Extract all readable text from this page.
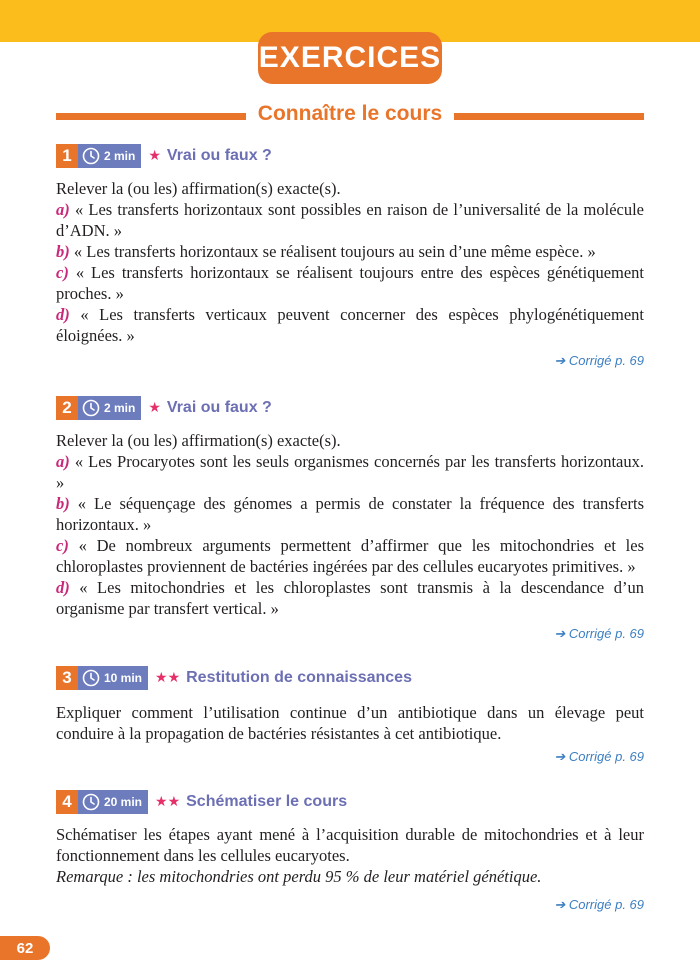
EXERCICES
Connaître le cours
1	2 min ★ Vrai ou faux ?

Relever la (ou les) affirmation(s) exacte(s).

a) « Les transferts horizontaux sont possibles en raison de l’universalité de la molécule d’ADN. »

b) « Les transferts horizontaux se réalisent toujours au sein d’une même espèce. »

c) « Les transferts horizontaux se réalisent toujours entre des espèces génétiquement proches. »

d) « Les transferts verticaux peuvent concerner des espèces phylogénétiquement éloignées. »

➔ Corrigé p. 69
2	2 min ★ Vrai ou faux ?

Relever la (ou les) affirmation(s) exacte(s).

a) « Les Procaryotes sont les seuls organismes concernés par les transferts horizontaux. »

b) « Le séquençage des génomes a permis de constater la fréquence des transferts horizontaux. »

c) « De nombreux arguments permettent d’affirmer que les mitochondries et les chloroplastes proviennent de bactéries ingérées par des cellules eucaryotes primitives. »

d) « Les mitochondries et les chloroplastes sont transmis à la descendance d’un organisme par transfert vertical. »

➔ Corrigé p. 69
3	10 min ★★ Restitution de connaissances

Expliquer comment l’utilisation continue d’un antibiotique dans un élevage peut conduire à la propagation de bactéries résistantes à cet antibiotique.

➔ Corrigé p. 69
4	20 min ★★ Schématiser le cours

Schématiser les étapes ayant mené à l’acquisition durable de mitochondries et à leur fonctionnement dans les cellules eucaryotes.

Remarque : les mitochondries ont perdu 95 % de leur matériel génétique.

➔ Corrigé p. 69
62
